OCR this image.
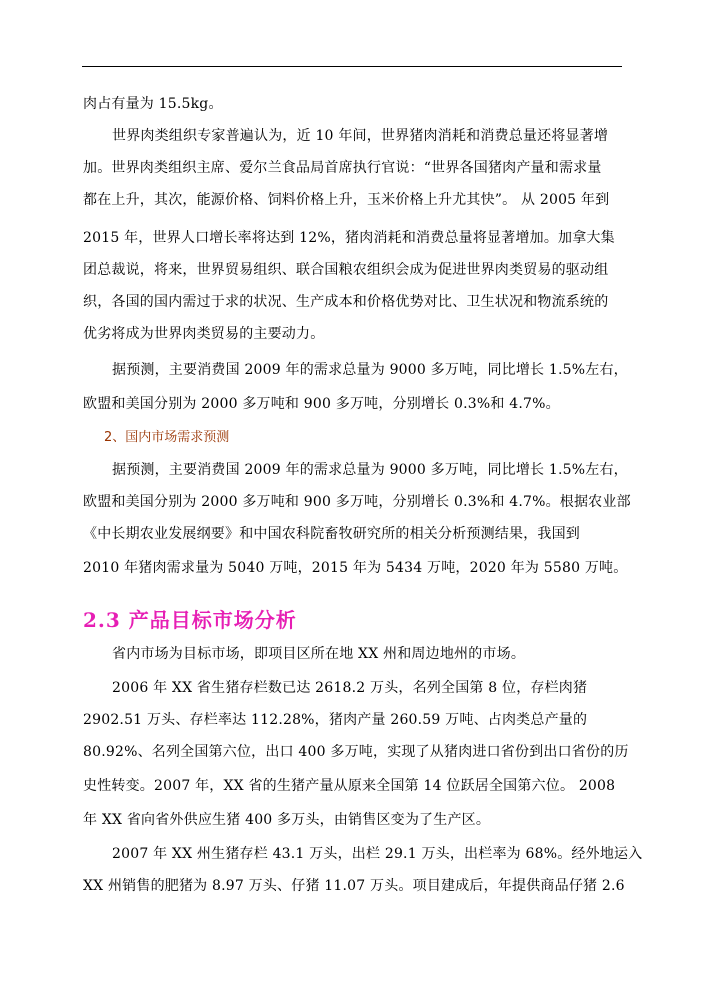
肉占有量为 15.5kg。
世界肉类组织专家普遍认为，近 10 年间，世界猪肉消耗和消费总量还将显著增
加。世界肉类组织主席、爱尔兰食品局首席执行官说：“世界各国猪肉产量和需求量
都在上升，其次，能源价格、饲料价格上升，玉米价格上升尤其快”。 从 2005 年到
2015 年，世界人口增长率将达到 12%，猪肉消耗和消费总量将显著增加。加拿大集
团总裁说，将来，世界贸易组织、联合国粮农组织会成为促进世界肉类贸易的驱动组
织，各国的国内需过于求的状况、生产成本和价格优势对比、卫生状况和物流系统的
优劣将成为世界肉类贸易的主要动力。
据预测，主要消费国 2009 年的需求总量为 9000 多万吨，同比增长 1.5%左右，
欧盟和美国分别为 2000 多万吨和 900 多万吨，分别增长 0.3%和 4.7%。
2、国内市场需求预测
据预测，主要消费国 2009 年的需求总量为 9000 多万吨，同比增长 1.5%左右，
欧盟和美国分别为 2000 多万吨和 900 多万吨，分别增长 0.3%和 4.7%。根据农业部
《中长期农业发展纲要》和中国农科院畜牧研究所的相关分析预测结果，我国到
2010 年猪肉需求量为 5040 万吨，2015 年为 5434 万吨，2020 年为 5580 万吨。
2.3 产品目标市场分析
省内市场为目标市场，即项目区所在地 XX 州和周边地州的市场。
2006 年 XX 省生猪存栏数已达 2618.2 万头，名列全国第 8 位，存栏肉猪
2902.51 万头、存栏率达 112.28%，猪肉产量 260.59 万吨、占肉类总产量的
80.92%、名列全国第六位，出口 400 多万吨，实现了从猪肉进口省份到出口省份的历
史性转变。2007 年，XX 省的生猪产量从原来全国第 14 位跃居全国第六位。 2008
年 XX 省向省外供应生猪 400 多万头，由销售区变为了生产区。
2007 年 XX 州生猪存栏 43.1 万头，出栏 29.1 万头，出栏率为 68%。经外地运入
XX 州销售的肥猪为 8.97 万头、仔猪 11.07 万头。项目建成后，年提供商品仔猪 2.6
